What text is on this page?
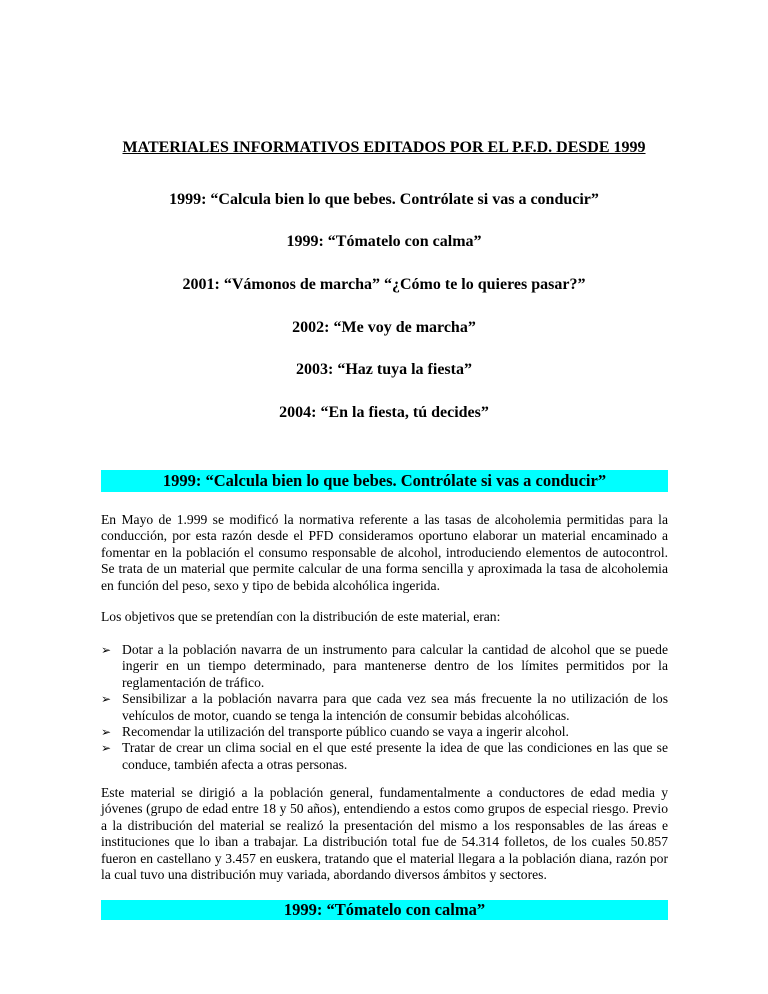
MATERIALES INFORMATIVOS EDITADOS POR EL P.F.D. DESDE 1999
1999: “Calcula bien lo que bebes. Contrólate si vas a conducir”
1999: “Tómatelo con calma”
2001: “Vámonos de marcha” “¿Cómo te lo quieres pasar?”
2002: “Me voy de marcha”
2003: “Haz tuya la fiesta”
2004: “En la fiesta, tú decides”
1999: “Calcula bien lo que bebes. Contrólate si vas a conducir”

En Mayo de 1.999 se modificó la normativa referente a las tasas de alcoholemia permitidas para la conducción, por esta razón desde el PFD consideramos oportuno elaborar un material encaminado a fomentar en la población el consumo responsable de alcohol, introduciendo elementos de autocontrol. Se trata de un material que permite calcular de una forma sencilla y aproximada la tasa de alcoholemia en función del peso, sexo y tipo de bebida alcohólica ingerida.

Los objetivos que se pretendían con la distribución de este material, eran:

➢ Dotar a la población navarra de un instrumento para calcular la cantidad de alcohol que se puede ingerir en un tiempo determinado, para mantenerse dentro de los límites permitidos por la reglamentación de tráfico.
➢ Sensibilizar a la población navarra para que cada vez sea más frecuente la no utilización de los vehículos de motor, cuando se tenga la intención de consumir bebidas alcohólicas.
➢ Recomendar la utilización del transporte público cuando se vaya a ingerir alcohol.
➢ Tratar de crear un clima social en el que esté presente la idea de que las condiciones en las que se conduce, también afecta a otras personas.

Este material se dirigió a la población general, fundamentalmente a conductores de edad media y jóvenes (grupo de edad entre 18 y 50 años), entendiendo a estos como grupos de especial riesgo. Previo a la distribución del material se realizó la presentación del mismo a los responsables de las áreas e instituciones que lo iban a trabajar. La distribución total fue de 54.314 folletos, de los cuales 50.857 fueron en castellano y 3.457 en euskera, tratando que el material llegara a la población diana, razón por la cual tuvo una distribución muy variada, abordando diversos ámbitos y sectores.

1999: “Tómatelo con calma”
